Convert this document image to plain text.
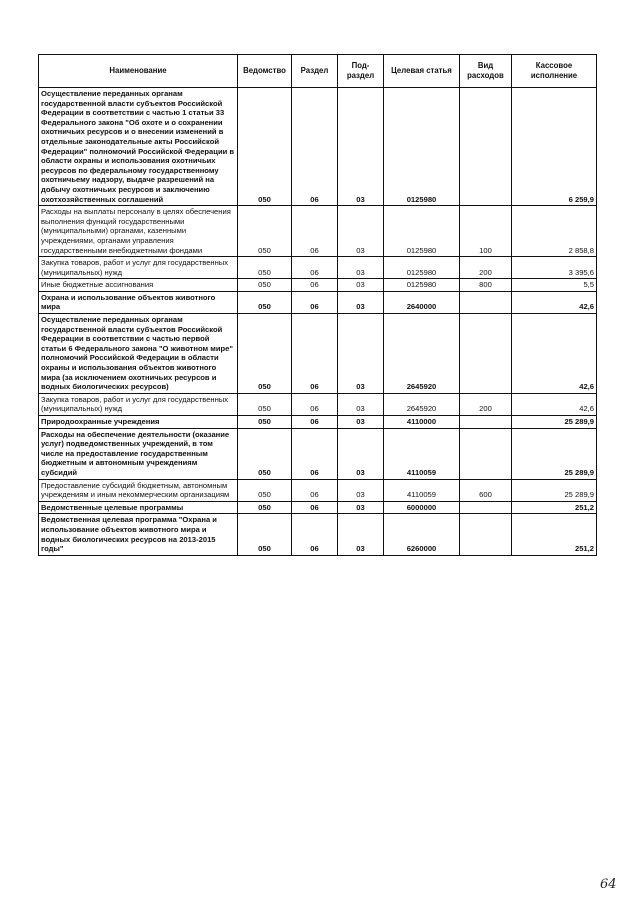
Наименование	Ведомство	Раздел	Под-раздел	Целевая статья	Вид расходов	Кассовое исполнение
Осуществление переданных органам государственной власти субъектов Российской Федерации в соответствии с частью 1 статьи 33 Федерального закона "Об охоте и о сохранении охотничьих ресурсов и о внесении изменений в отдельные законодательные акты Российской Федерации" полномочий Российской Федерации в области охраны и использования охотничьих ресурсов по федеральному государственному охотничьему надзору, выдаче разрешений на добычу охотничьих ресурсов и заключению охотхозяйственных соглашений	050	06	03	0125980		6 259,9
Расходы на выплаты персоналу в целях обеспечения выполнения функций государственными (муниципальными) органами, казенными учреждениями, органами управления государственными внебюджетными фондами	050	06	03	0125980	100	2 858,8
Закупка товаров, работ и услуг для государственных (муниципальных) нужд	050	06	03	0125980	200	3 395,6
Иные бюджетные ассигнования	050	06	03	0125980	800	5,5
Охрана и использование объектов животного мира	050	06	03	2640000		42,6
Осуществление переданных органам государственной власти субъектов Российской Федерации в соответствии с частью первой статьи 6 Федерального закона "О животном мире" полномочий Российской Федерации в области охраны и использования объектов животного мира (за исключением охотничьих ресурсов и водных биологических ресурсов)	050	06	03	2645920		42,6
Закупка товаров, работ и услуг для государственных (муниципальных) нужд	050	06	03	2645920	200	42,6
Природоохранные учреждения	050	06	03	4110000		25 289,9
Расходы на обеспечение деятельности (оказание услуг) подведомственных учреждений, в том числе на предоставление государственным бюджетным и автономным учреждениям субсидий	050	06	03	4110059		25 289,9
Предоставление субсидий бюджетным, автономным учреждениям и иным некоммерческим организациям	050	06	03	4110059	600	25 289,9
Ведомственные целевые программы	050	06	03	6000000		251,2
Ведомственная целевая программа "Охрана и использование объектов животного мира и водных биологических ресурсов на 2013-2015 годы"	050	06	03	6260000		251,2
64
